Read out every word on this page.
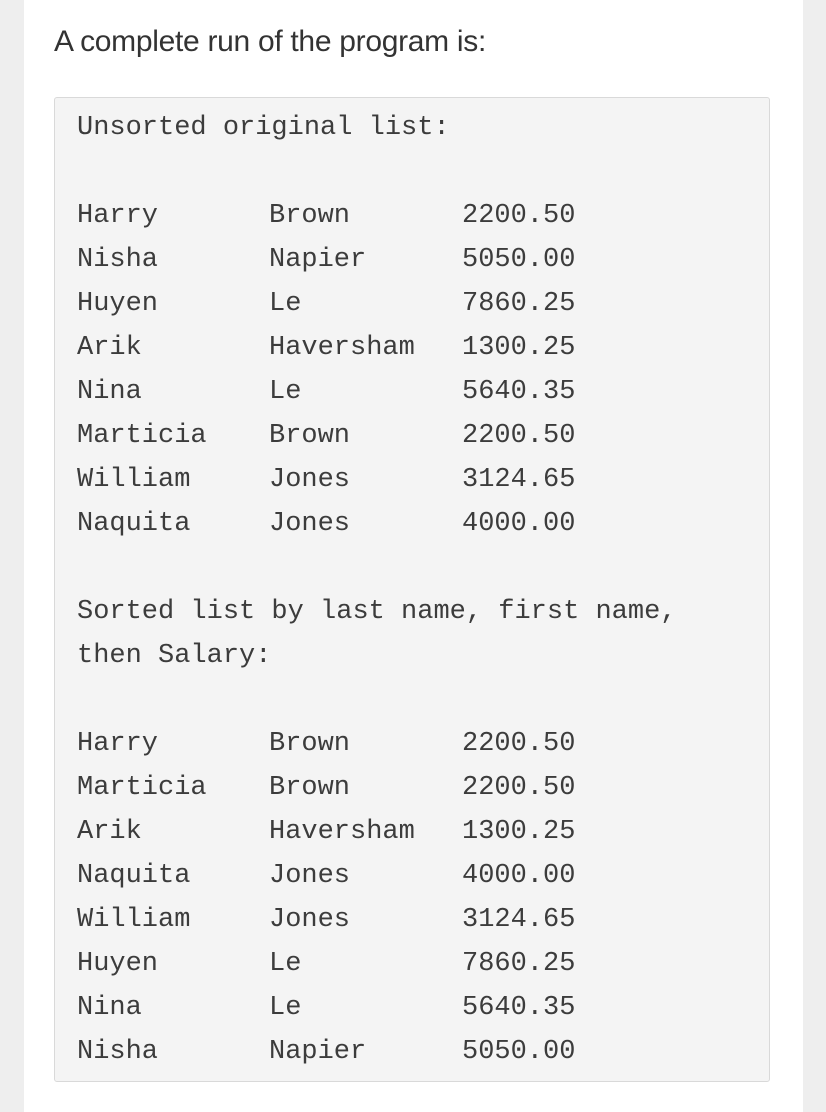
A complete run of the program is:

Unsorted original list:

Harry	Brown	2200.50
Nisha	Napier	5050.00
Huyen	Le	7860.25
Arik	Haversham	1300.25
Nina	Le	5640.35
Marticia	Brown	2200.50
William	Jones	3124.65
Naquita	Jones	4000.00

Sorted list by last name, first name, then Salary:

Harry	Brown	2200.50
Marticia	Brown	2200.50
Arik	Haversham	1300.25
Naquita	Jones	4000.00
William	Jones	3124.65
Huyen	Le	7860.25
Nina	Le	5640.35
Nisha	Napier	5050.00
